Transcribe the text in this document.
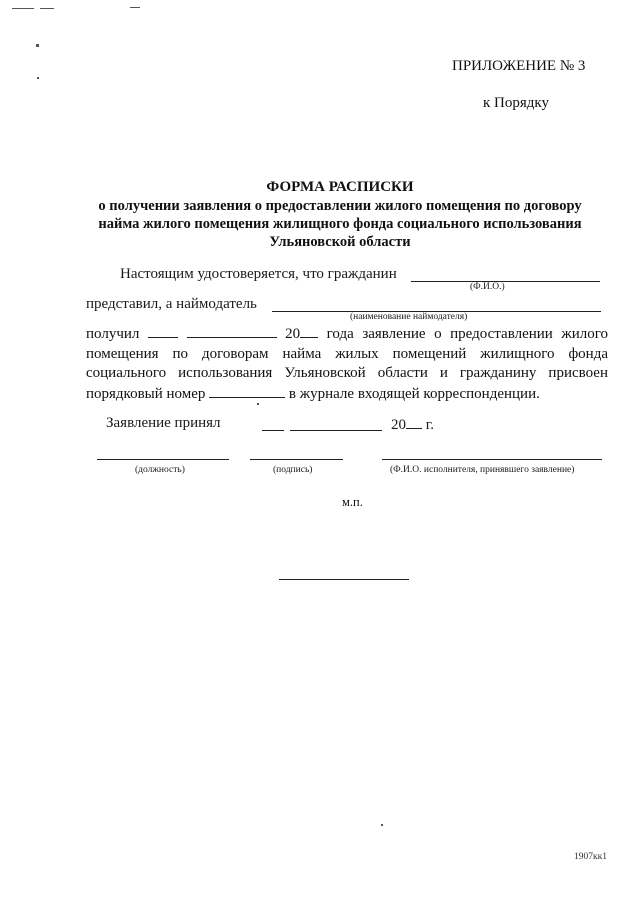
ПРИЛОЖЕНИЕ № 3
к Порядку
ФОРМА РАСПИСКИ
о получении заявления о предоставлении жилого помещения по договору
найма жилого помещения жилищного фонда социального использования
Ульяновской области
Настоящим удостоверяется, что гражданин
(Ф.И.О.)
представил, а наймодатель
(наименование наймодателя)
получил	20 года заявление о предоставлении жилого помещения по договорам найма жилых помещений жилищного фонда социального использования Ульяновской области и гражданину присвоен порядковый номер	в журнале входящей корреспонденции.
Заявление принял	20 г.
(должность)	(подпись)	(Ф.И.О. исполнителя, принявшего заявление)
м.п.
1907кк1
